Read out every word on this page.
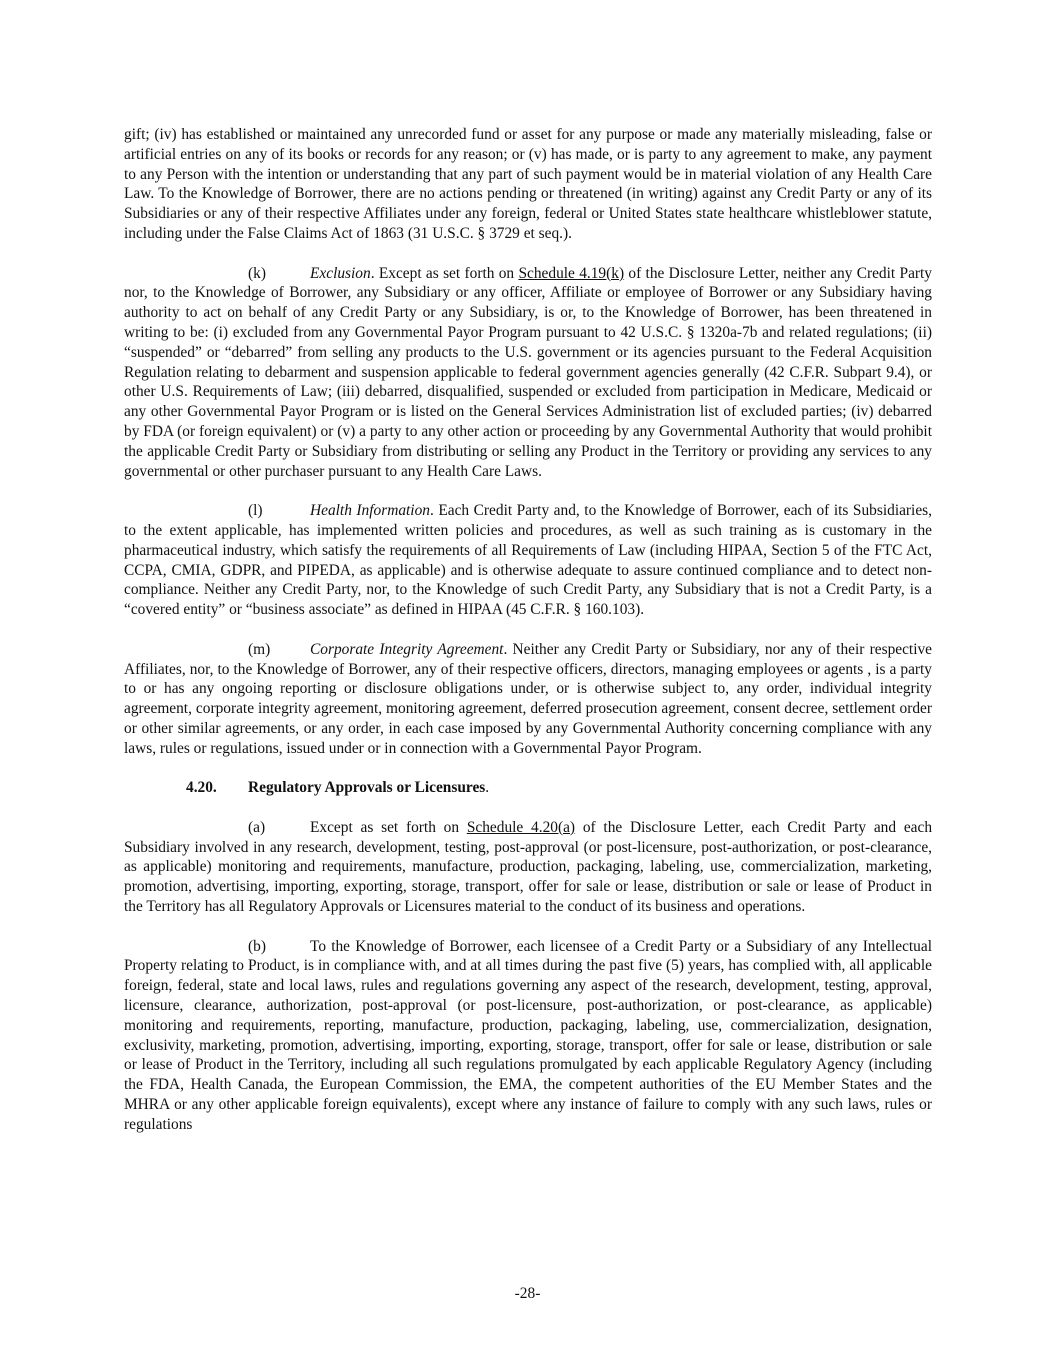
gift; (iv) has established or maintained any unrecorded fund or asset for any purpose or made any materially misleading, false or artificial entries on any of its books or records for any reason; or (v) has made, or is party to any agreement to make, any payment to any Person with the intention or understanding that any part of such payment would be in material violation of any Health Care Law. To the Knowledge of Borrower, there are no actions pending or threatened (in writing) against any Credit Party or any of its Subsidiaries or any of their respective Affiliates under any foreign, federal or United States state healthcare whistleblower statute, including under the False Claims Act of 1863 (31 U.S.C. § 3729 et seq.).

(k)	Exclusion. Except as set forth on Schedule 4.19(k) of the Disclosure Letter, neither any Credit Party nor, to the Knowledge of Borrower, any Subsidiary or any officer, Affiliate or employee of Borrower or any Subsidiary having authority to act on behalf of any Credit Party or any Subsidiary, is or, to the Knowledge of Borrower, has been threatened in writing to be: (i) excluded from any Governmental Payor Program pursuant to 42 U.S.C. § 1320a-7b and related regulations; (ii) “suspended” or “debarred” from selling any products to the U.S. government or its agencies pursuant to the Federal Acquisition Regulation relating to debarment and suspension applicable to federal government agencies generally (42 C.F.R. Subpart 9.4), or other U.S. Requirements of Law; (iii) debarred, disqualified, suspended or excluded from participation in Medicare, Medicaid or any other Governmental Payor Program or is listed on the General Services Administration list of excluded parties; (iv) debarred by FDA (or foreign equivalent) or (v) a party to any other action or proceeding by any Governmental Authority that would prohibit the applicable Credit Party or Subsidiary from distributing or selling any Product in the Territory or providing any services to any governmental or other purchaser pursuant to any Health Care Laws.

(l)	Health Information. Each Credit Party and, to the Knowledge of Borrower, each of its Subsidiaries, to the extent applicable, has implemented written policies and procedures, as well as such training as is customary in the pharmaceutical industry, which satisfy the requirements of all Requirements of Law (including HIPAA, Section 5 of the FTC Act, CCPA, CMIA, GDPR, and PIPEDA, as applicable) and is otherwise adequate to assure continued compliance and to detect non-compliance. Neither any Credit Party, nor, to the Knowledge of such Credit Party, any Subsidiary that is not a Credit Party, is a “covered entity” or “business associate” as defined in HIPAA (45 C.F.R. § 160.103).

(m)	Corporate Integrity Agreement. Neither any Credit Party or Subsidiary, nor any of their respective Affiliates, nor, to the Knowledge of Borrower, any of their respective officers, directors, managing employees or agents , is a party to or has any ongoing reporting or disclosure obligations under, or is otherwise subject to, any order, individual integrity agreement, corporate integrity agreement, monitoring agreement, deferred prosecution agreement, consent decree, settlement order or other similar agreements, or any order, in each case imposed by any Governmental Authority concerning compliance with any laws, rules or regulations, issued under or in connection with a Governmental Payor Program.

4.20. Regulatory Approvals or Licensures.

(a)	Except as set forth on Schedule 4.20(a) of the Disclosure Letter, each Credit Party and each Subsidiary involved in any research, development, testing, post-approval (or post-licensure, post-authorization, or post-clearance, as applicable) monitoring and requirements, manufacture, production, packaging, labeling, use, commercialization, marketing, promotion, advertising, importing, exporting, storage, transport, offer for sale or lease, distribution or sale or lease of Product in the Territory has all Regulatory Approvals or Licensures material to the conduct of its business and operations.

(b)	To the Knowledge of Borrower, each licensee of a Credit Party or a Subsidiary of any Intellectual Property relating to Product, is in compliance with, and at all times during the past five (5) years, has complied with, all applicable foreign, federal, state and local laws, rules and regulations governing any aspect of the research, development, testing, approval, licensure, clearance, authorization, post-approval (or post-licensure, post-authorization, or post-clearance, as applicable) monitoring and requirements, reporting, manufacture, production, packaging, labeling, use, commercialization, designation, exclusivity, marketing, promotion, advertising, importing, exporting, storage, transport, offer for sale or lease, distribution or sale or lease of Product in the Territory, including all such regulations promulgated by each applicable Regulatory Agency (including the FDA, Health Canada, the European Commission, the EMA, the competent authorities of the EU Member States and the MHRA or any other applicable foreign equivalents), except where any instance of failure to comply with any such laws, rules or regulations

-28-
